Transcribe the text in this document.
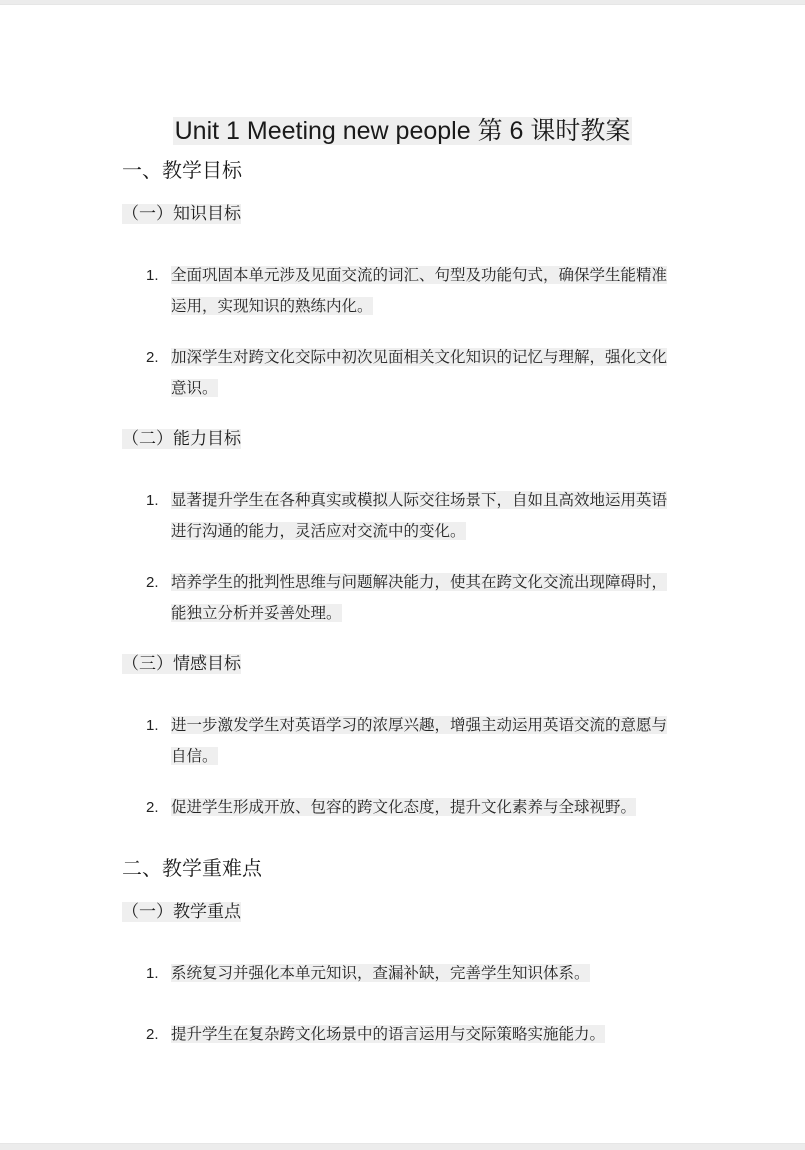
Unit 1 Meeting new people 第 6 课时教案
一、教学目标
（一）知识目标
1. 全面巩固本单元涉及见面交流的词汇、句型及功能句式，确保学生能精准运用，实现知识的熟练内化。
2. 加深学生对跨文化交际中初次见面相关文化知识的记忆与理解，强化文化意识。
（二）能力目标
1. 显著提升学生在各种真实或模拟人际交往场景下，自如且高效地运用英语进行沟通的能力，灵活应对交流中的变化。
2. 培养学生的批判性思维与问题解决能力，使其在跨文化交流出现障碍时，能独立分析并妥善处理。
（三）情感目标
1. 进一步激发学生对英语学习的浓厚兴趣，增强主动运用英语交流的意愿与自信。
2. 促进学生形成开放、包容的跨文化态度，提升文化素养与全球视野。
二、教学重难点
（一）教学重点
1. 系统复习并强化本单元知识，查漏补缺，完善学生知识体系。
2. 提升学生在复杂跨文化场景中的语言运用与交际策略实施能力。
